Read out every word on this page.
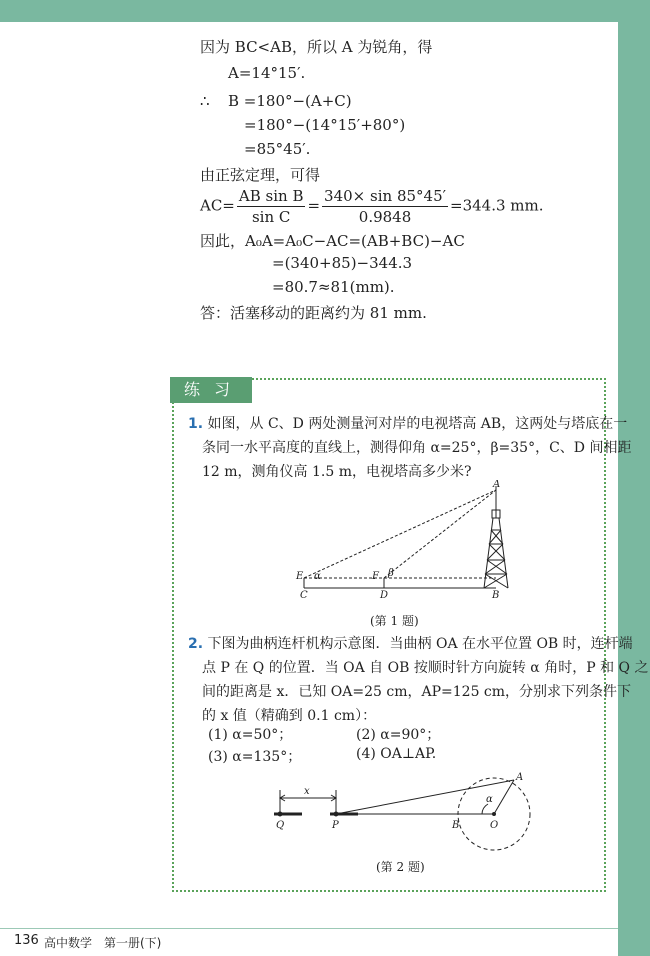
因为 BC<AB，所以 A 为锐角，得
A=14°15′.
∴ B =180°−(A+C)
=180°−(14°15′+80°)
=85°45′.
由正弦定理，可得
$AC= \frac{\text{AB sin B}}{\text{sin C}} = \frac{340\times \sin 85^\circ 45'}{0.9848} =344.3$ mm.
因此，A₀A=A₀C−AC=(AB+BC)−AC
=(340+85)−344.3
=80.7≈81(mm).
答：活塞移动的距离约为 81 mm.
练习
1. 如图，从 C、D 两处测量河对岸的电视塔高 AB，这两处与塔底在一
条同一水平高度的直线上，测得仰角 α=25°，β=35°，C、D 间相距
12 m，测角仪高 1.5 m，电视塔高多少米?
A
E α	F β
C	D	B
(第 1 题)
2. 下图为曲柄连杆机构示意图．当曲柄 OA 在水平位置 OB 时，连杆端
点 P 在 Q 的位置．当 OA 自 OB 按顺时针方向旋转 α 角时，P 和 Q 之
间的距离是 x．已知 OA=25 cm，AP=125 cm，分别求下列条件下
的 x 值（精确到 0.1 cm）：
(1) α=50°；	(2) α=90°；
(3) α=135°；	(4) OA⊥AP.
A
Q	P	B	O
x
α
(第 2 题)
136 高中数学　第一册(下)
